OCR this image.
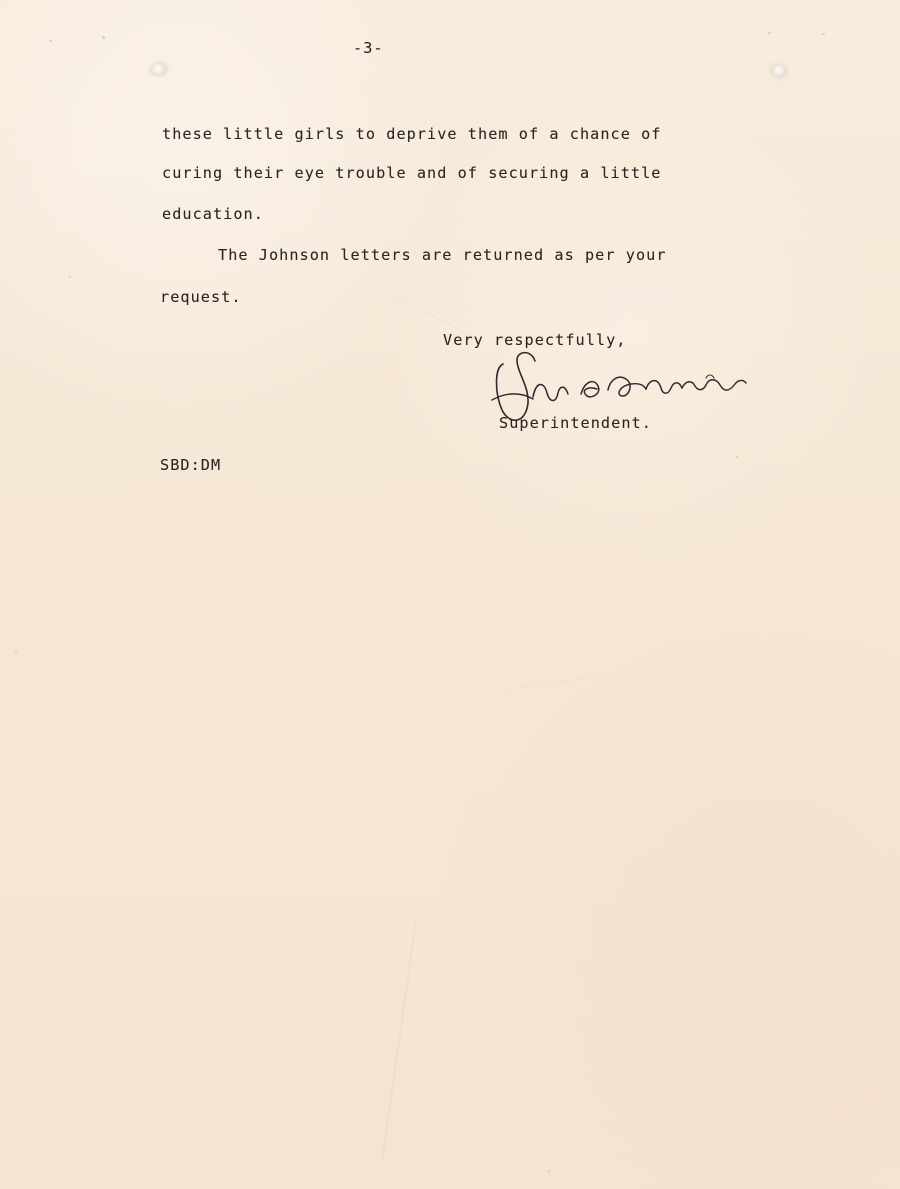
-3-
these little girls to deprive them of a chance of
curing their eye trouble and of securing a little
education.
The Johnson letters are returned as per your
request.
Very respectfully,
Superintendent.
SBD:DM
